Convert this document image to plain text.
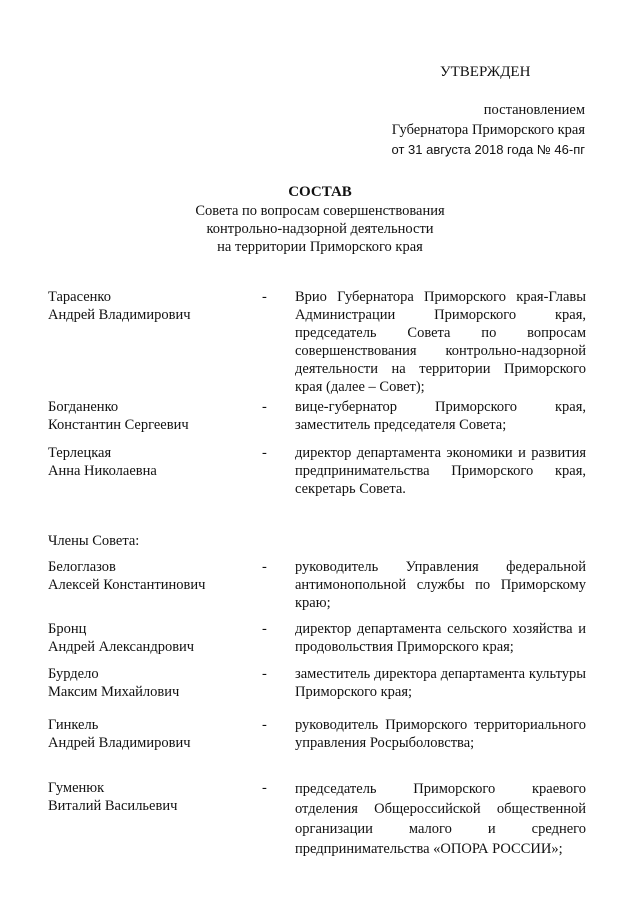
УТВЕРЖДЕН
постановлением
Губернатора Приморского края
от 31 августа 2018 года № 46-пг
СОСТАВ
Совета по вопросам совершенствования
контрольно-надзорной деятельности
на территории Приморского края
Тарасенко
Андрей Владимирович
- Врио Губернатора Приморского края-Главы Администрации Приморского края, председатель Совета по вопросам совершенствования контрольно-надзорной деятельности на территории Приморского края (далее – Совет);
Богданенко
Константин Сергеевич
- вице-губернатор Приморского края, заместитель председателя Совета;
Терлецкая
Анна Николаевна
- директор департамента экономики и развития предпринимательства Приморского края, секретарь Совета.
Члены Совета:
Белоглазов
Алексей Константинович
- руководитель Управления федеральной антимонопольной службы по Приморскому краю;
Бронц
Андрей Александрович
- директор департамента сельского хозяйства и продовольствия Приморского края;
Бурдело
Максим Михайлович
- заместитель директора департамента культуры Приморского края;
Гинкель
Андрей Владимирович
- руководитель Приморского территориального управления Росрыболовства;
Гуменюк
Виталий Васильевич
- председатель Приморского краевого отделения Общероссийской общественной организации малого и среднего предпринимательства «ОПОРА РОССИИ»;
